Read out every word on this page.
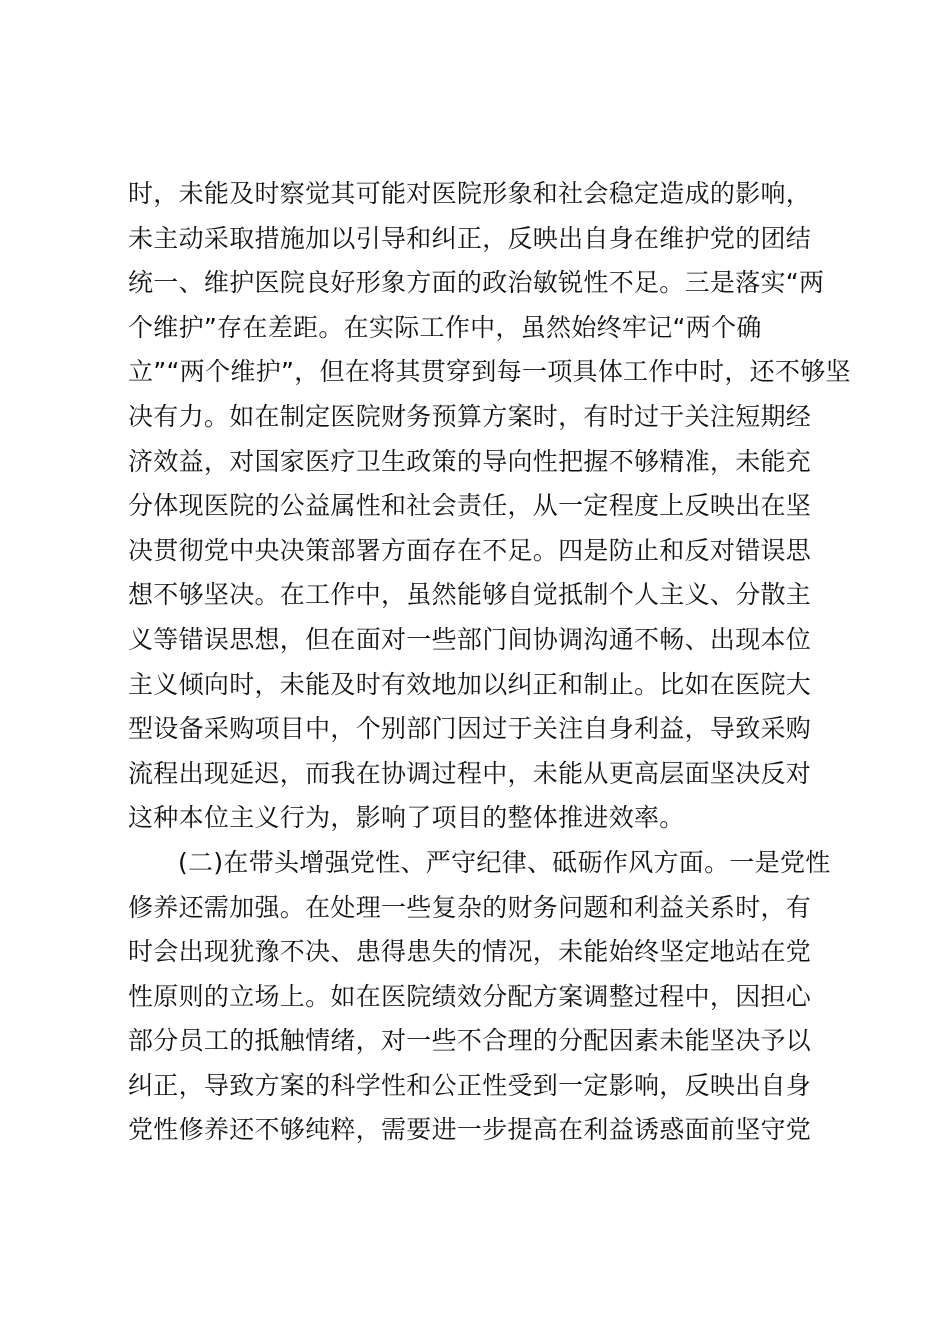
时，未能及时察觉其可能对医院形象和社会稳定造成的影响，
未主动采取措施加以引导和纠正，反映出自身在维护党的团结
统一、维护医院良好形象方面的政治敏锐性不足。三是落实“两
个维护”存在差距。在实际工作中，虽然始终牢记“两个确
立”“两个维护”，但在将其贯穿到每一项具体工作中时，还不够坚
决有力。如在制定医院财务预算方案时，有时过于关注短期经
济效益，对国家医疗卫生政策的导向性把握不够精准，未能充
分体现医院的公益属性和社会责任，从一定程度上反映出在坚
决贯彻党中央决策部署方面存在不足。四是防止和反对错误思
想不够坚决。在工作中，虽然能够自觉抵制个人主义、分散主
义等错误思想，但在面对一些部门间协调沟通不畅、出现本位
主义倾向时，未能及时有效地加以纠正和制止。比如在医院大
型设备采购项目中，个别部门因过于关注自身利益，导致采购
流程出现延迟，而我在协调过程中，未能从更高层面坚决反对
这种本位主义行为，影响了项目的整体推进效率。
(二)在带头增强党性、严守纪律、砥砺作风方面。一是党性
修养还需加强。在处理一些复杂的财务问题和利益关系时，有
时会出现犹豫不决、患得患失的情况，未能始终坚定地站在党
性原则的立场上。如在医院绩效分配方案调整过程中，因担心
部分员工的抵触情绪，对一些不合理的分配因素未能坚决予以
纠正，导致方案的科学性和公正性受到一定影响，反映出自身
党性修养还不够纯粹，需要进一步提高在利益诱惑面前坚守党
